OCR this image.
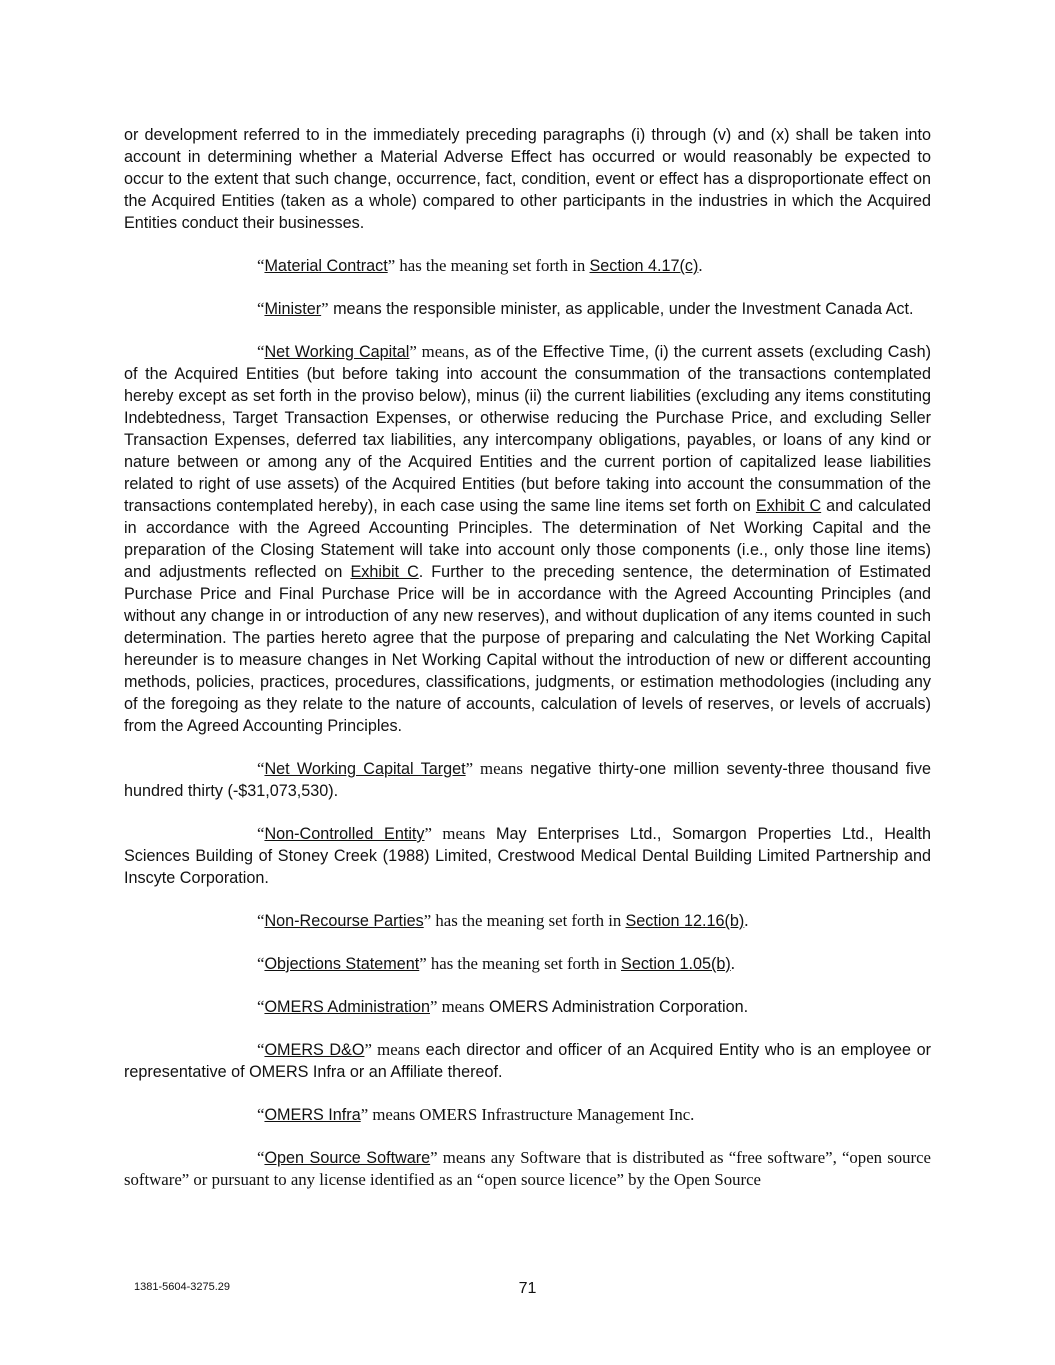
or development referred to in the immediately preceding paragraphs (i) through (v) and (x) shall be taken into account in determining whether a Material Adverse Effect has occurred or would reasonably be expected to occur to the extent that such change, occurrence, fact, condition, event or effect has a disproportionate effect on the Acquired Entities (taken as a whole) compared to other participants in the industries in which the Acquired Entities conduct their businesses.

“Material Contract” has the meaning set forth in Section 4.17(c).

“Minister” means the responsible minister, as applicable, under the Investment Canada Act.

“Net Working Capital” means, as of the Effective Time, (i) the current assets (excluding Cash) of the Acquired Entities (but before taking into account the consummation of the transactions contemplated hereby except as set forth in the proviso below), minus (ii) the current liabilities (excluding any items constituting Indebtedness, Target Transaction Expenses, or otherwise reducing the Purchase Price, and excluding Seller Transaction Expenses, deferred tax liabilities, any intercompany obligations, payables, or loans of any kind or nature between or among any of the Acquired Entities and the current portion of capitalized lease liabilities related to right of use assets) of the Acquired Entities (but before taking into account the consummation of the transactions contemplated hereby), in each case using the same line items set forth on Exhibit C and calculated in accordance with the Agreed Accounting Principles. The determination of Net Working Capital and the preparation of the Closing Statement will take into account only those components (i.e., only those line items) and adjustments reflected on Exhibit C. Further to the preceding sentence, the determination of Estimated Purchase Price and Final Purchase Price will be in accordance with the Agreed Accounting Principles (and without any change in or introduction of any new reserves), and without duplication of any items counted in such determination. The parties hereto agree that the purpose of preparing and calculating the Net Working Capital hereunder is to measure changes in Net Working Capital without the introduction of new or different accounting methods, policies, practices, procedures, classifications, judgments, or estimation methodologies (including any of the foregoing as they relate to the nature of accounts, calculation of levels of reserves, or levels of accruals) from the Agreed Accounting Principles.

“Net Working Capital Target” means negative thirty-one million seventy-three thousand five hundred thirty (-$31,073,530).

“Non-Controlled Entity” means May Enterprises Ltd., Somargon Properties Ltd., Health Sciences Building of Stoney Creek (1988) Limited, Crestwood Medical Dental Building Limited Partnership and Inscyte Corporation.

“Non-Recourse Parties” has the meaning set forth in Section 12.16(b).

“Objections Statement” has the meaning set forth in Section 1.05(b).

“OMERS Administration” means OMERS Administration Corporation.

“OMERS D&O” means each director and officer of an Acquired Entity who is an employee or representative of OMERS Infra or an Affiliate thereof.

“OMERS Infra” means OMERS Infrastructure Management Inc.

“Open Source Software” means any Software that is distributed as “free software”, “open source software” or pursuant to any license identified as an “open source licence” by the Open Source

1381-5604-3275.29	71
